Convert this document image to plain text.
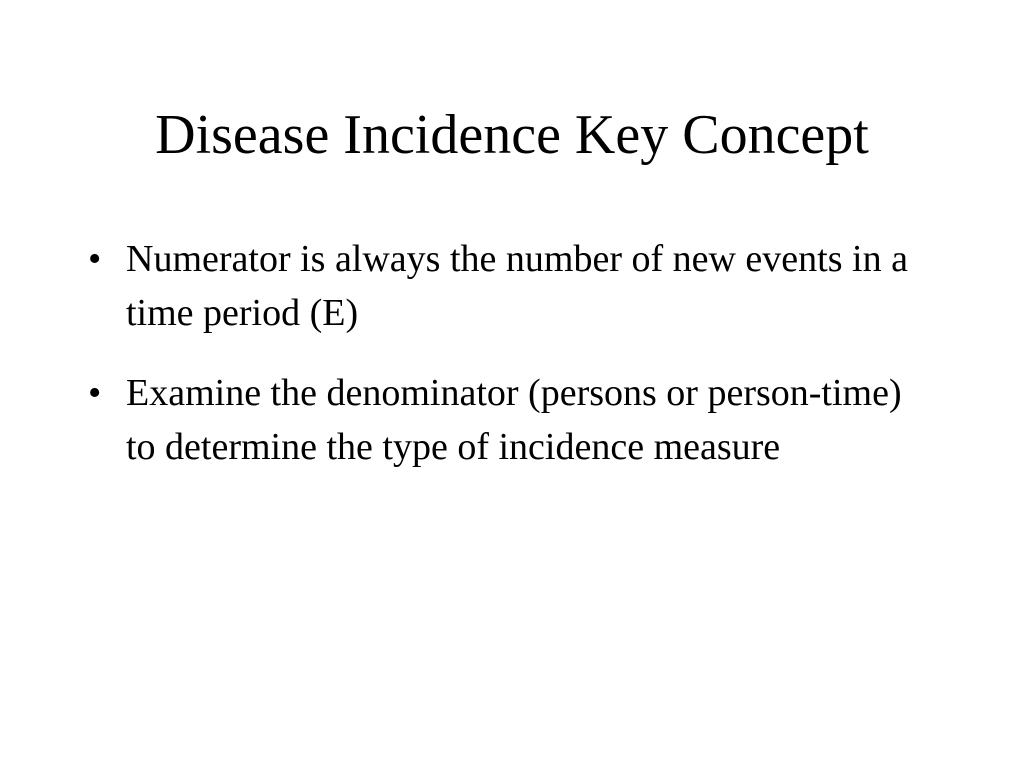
Disease Incidence Key Concept
• Numerator is always the number of new events in a time period (E)
• Examine the denominator (persons or person-time) to determine the type of incidence measure
